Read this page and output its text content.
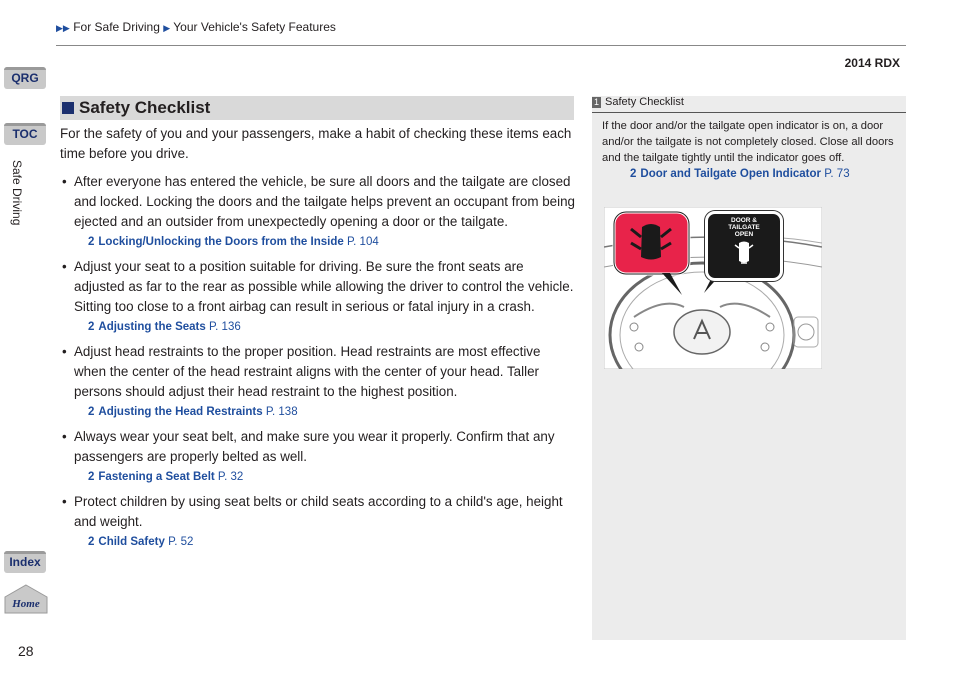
▶▶ For Safe Driving ▶ Your Vehicle's Safety Features
2014 RDX
QRG
TOC
Safe Driving
Index
Home
28
Safety Checklist

For the safety of you and your passengers, make a habit of checking these items each time before you drive.

• After everyone has entered the vehicle, be sure all doors and the tailgate are closed and locked. Locking the doors and the tailgate helps prevent an occupant from being ejected and an outsider from unexpectedly opening a door or the tailgate.
2 Locking/Unlocking the Doors from the Inside P. 104
• Adjust your seat to a position suitable for driving. Be sure the front seats are adjusted as far to the rear as possible while allowing the driver to control the vehicle. Sitting too close to a front airbag can result in serious or fatal injury in a crash.
2 Adjusting the Seats P. 136
• Adjust head restraints to the proper position. Head restraints are most effective when the center of the head restraint aligns with the center of your head. Taller persons should adjust their head restraint to the highest position.
2 Adjusting the Head Restraints P. 138
• Always wear your seat belt, and make sure you wear it properly. Confirm that any passengers are properly belted as well.
2 Fastening a Seat Belt P. 32
• Protect children by using seat belts or child seats according to a child's age, height and weight.
2 Child Safety P. 52
1 Safety Checklist
If the door and/or the tailgate open indicator is on, a door and/or the tailgate is not completely closed. Close all doors and the tailgate tightly until the indicator goes off.
2 Door and Tailgate Open Indicator P. 73
DOOR &
TAILGATE
OPEN
